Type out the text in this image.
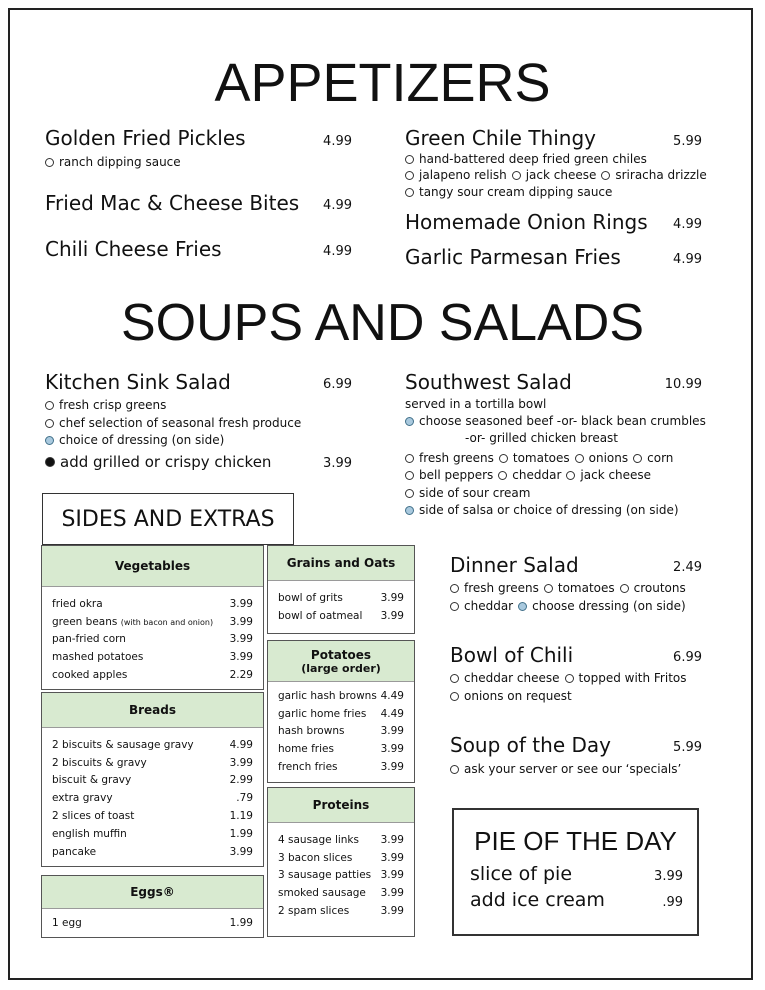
APPETIZERS
Golden Fried Pickles	4.99
ranch dipping sauce
Fried Mac & Cheese Bites	4.99
Chili Cheese Fries	4.99
Green Chile Thingy	5.99
hand-battered deep fried green chiles
jalapeno relish jack cheese sriracha drizzle
tangy sour cream dipping sauce
Homemade Onion Rings	4.99
Garlic Parmesan Fries	4.99
SOUPS AND SALADS
Kitchen Sink Salad	6.99
fresh crisp greens
chef selection of seasonal fresh produce
choice of dressing (on side)
add grilled or crispy chicken	3.99
Southwest Salad	10.99
served in a tortilla bowl
choose seasoned beef -or- black bean crumbles
-or- grilled chicken breast
fresh greens tomatoes onions corn
bell peppers cheddar jack cheese
side of sour cream
side of salsa or choice of dressing (on side)
SIDES AND EXTRAS
Vegetables
fried okra	3.99
green beans (with bacon and onion) 3.99
pan-fried corn	3.99
mashed potatoes	3.99
cooked apples	2.29
Breads
2 biscuits & sausage gravy	4.99
2 biscuits & gravy	3.99
biscuit & gravy	2.99
extra gravy	.79
2 slices of toast	1.19
english muffin	1.99
pancake	3.99
Eggs®
1 egg	1.99
Grains and Oats
bowl of grits	3.99
bowl of oatmeal 3.99
Potatoes
(large order)
garlic hash browns 4.49
garlic home fries 4.49
hash browns	3.99
home fries	3.99
french fries	3.99
Proteins
4 sausage links 3.99
3 bacon slices	3.99
3 sausage patties 3.99
smoked sausage 3.99
2 spam slices	3.99
Dinner Salad	2.49
fresh greens tomatoes croutons
cheddar choose dressing (on side)
Bowl of Chili	6.99
cheddar cheese topped with Fritos
onions on request
Soup of the Day	5.99
ask your server or see our ‘specials’
PIE OF THE DAY
slice of pie	3.99
add ice cream	.99
